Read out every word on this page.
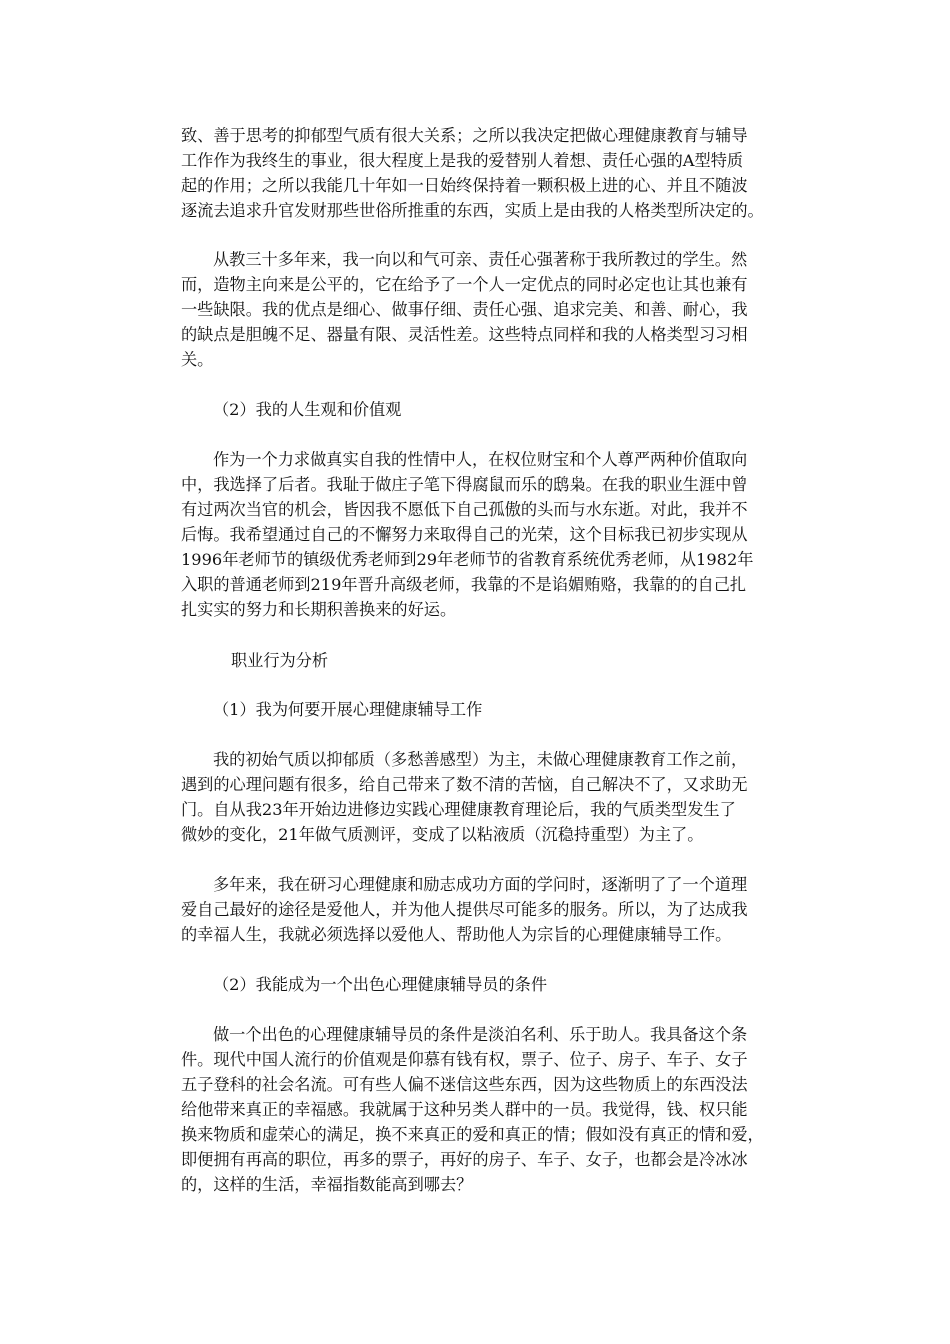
致、善于思考的抑郁型气质有很大关系；之所以我决定把做心理健康教育与辅导
工作作为我终生的事业，很大程度上是我的爱替别人着想、责任心强的A型特质
起的作用；之所以我能几十年如一日始终保持着一颗积极上进的心、并且不随波
逐流去追求升官发财那些世俗所推重的东西，实质上是由我的人格类型所决定的。
从教三十多年来，我一向以和气可亲、责任心强著称于我所教过的学生。然
而，造物主向来是公平的，它在给予了一个人一定优点的同时必定也让其也兼有
一些缺限。我的优点是细心、做事仔细、责任心强、追求完美、和善、耐心，我
的缺点是胆魄不足、器量有限、灵活性差。这些特点同样和我的人格类型习习相
关。
（2）我的人生观和价值观
作为一个力求做真实自我的性情中人，在权位财宝和个人尊严两种价值取向
中，我选择了后者。我耻于做庄子笔下得腐鼠而乐的鸱枭。在我的职业生涯中曾
有过两次当官的机会，皆因我不愿低下自己孤傲的头而与水东逝。对此，我并不
后悔。我希望通过自己的不懈努力来取得自己的光荣，这个目标我已初步实现从
1996年老师节的镇级优秀老师到29年老师节的省教育系统优秀老师，从1982年
入职的普通老师到219年晋升高级老师，我靠的不是谄媚贿赂，我靠的的自己扎
扎实实的努力和长期积善换来的好运。
职业行为分析
（1）我为何要开展心理健康辅导工作
我的初始气质以抑郁质（多愁善感型）为主，未做心理健康教育工作之前，
遇到的心理问题有很多，给自己带来了数不清的苦恼，自己解决不了，又求助无
门。自从我23年开始边进修边实践心理健康教育理论后，我的气质类型发生了
微妙的变化，21年做气质测评，变成了以粘液质（沉稳持重型）为主了。
多年来，我在研习心理健康和励志成功方面的学问时，逐渐明了了一个道理
爱自己最好的途径是爱他人，并为他人提供尽可能多的服务。所以，为了达成我
的幸福人生，我就必须选择以爱他人、帮助他人为宗旨的心理健康辅导工作。
（2）我能成为一个出色心理健康辅导员的条件
做一个出色的心理健康辅导员的条件是淡泊名利、乐于助人。我具备这个条
件。现代中国人流行的价值观是仰慕有钱有权，票子、位子、房子、车子、女子
五子登科的社会名流。可有些人偏不迷信这些东西，因为这些物质上的东西没法
给他带来真正的幸福感。我就属于这种另类人群中的一员。我觉得，钱、权只能
换来物质和虚荣心的满足，换不来真正的爱和真正的情；假如没有真正的情和爱，
即便拥有再高的职位，再多的票子，再好的房子、车子、女子，也都会是冷冰冰
的，这样的生活，幸福指数能高到哪去？
